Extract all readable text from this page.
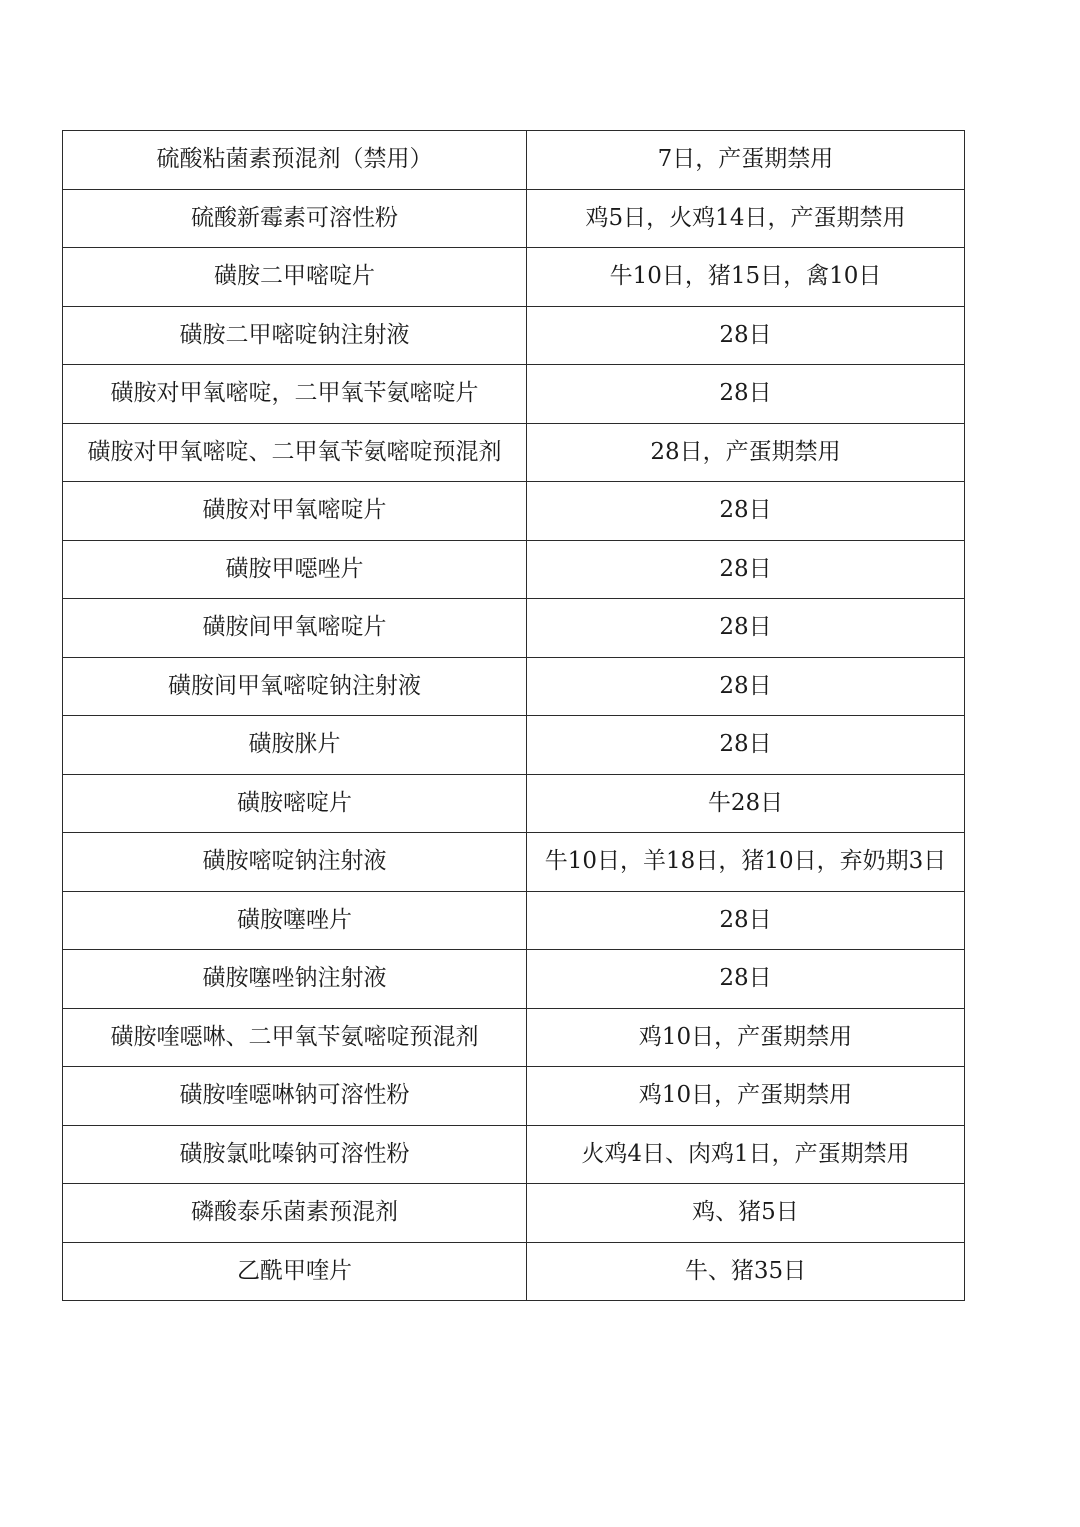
硫酸粘菌素预混剂（禁用）	7日，产蛋期禁用
硫酸新霉素可溶性粉	鸡5日，火鸡14日，产蛋期禁用
磺胺二甲嘧啶片	牛10日，猪15日，禽10日
磺胺二甲嘧啶钠注射液	28日
磺胺对甲氧嘧啶，二甲氧苄氨嘧啶片	28日
磺胺对甲氧嘧啶、二甲氧苄氨嘧啶预混剂	28日，产蛋期禁用
磺胺对甲氧嘧啶片	28日
磺胺甲噁唑片	28日
磺胺间甲氧嘧啶片	28日
磺胺间甲氧嘧啶钠注射液	28日
磺胺脒片	28日
磺胺嘧啶片	牛28日
磺胺嘧啶钠注射液	牛10日，羊18日，猪10日，弃奶期3日
磺胺噻唑片	28日
磺胺噻唑钠注射液	28日
磺胺喹噁啉、二甲氧苄氨嘧啶预混剂	鸡10日，产蛋期禁用
磺胺喹噁啉钠可溶性粉	鸡10日，产蛋期禁用
磺胺氯吡嗪钠可溶性粉	火鸡4日、肉鸡1日，产蛋期禁用
磷酸泰乐菌素预混剂	鸡、猪5日
乙酰甲喹片	牛、猪35日
